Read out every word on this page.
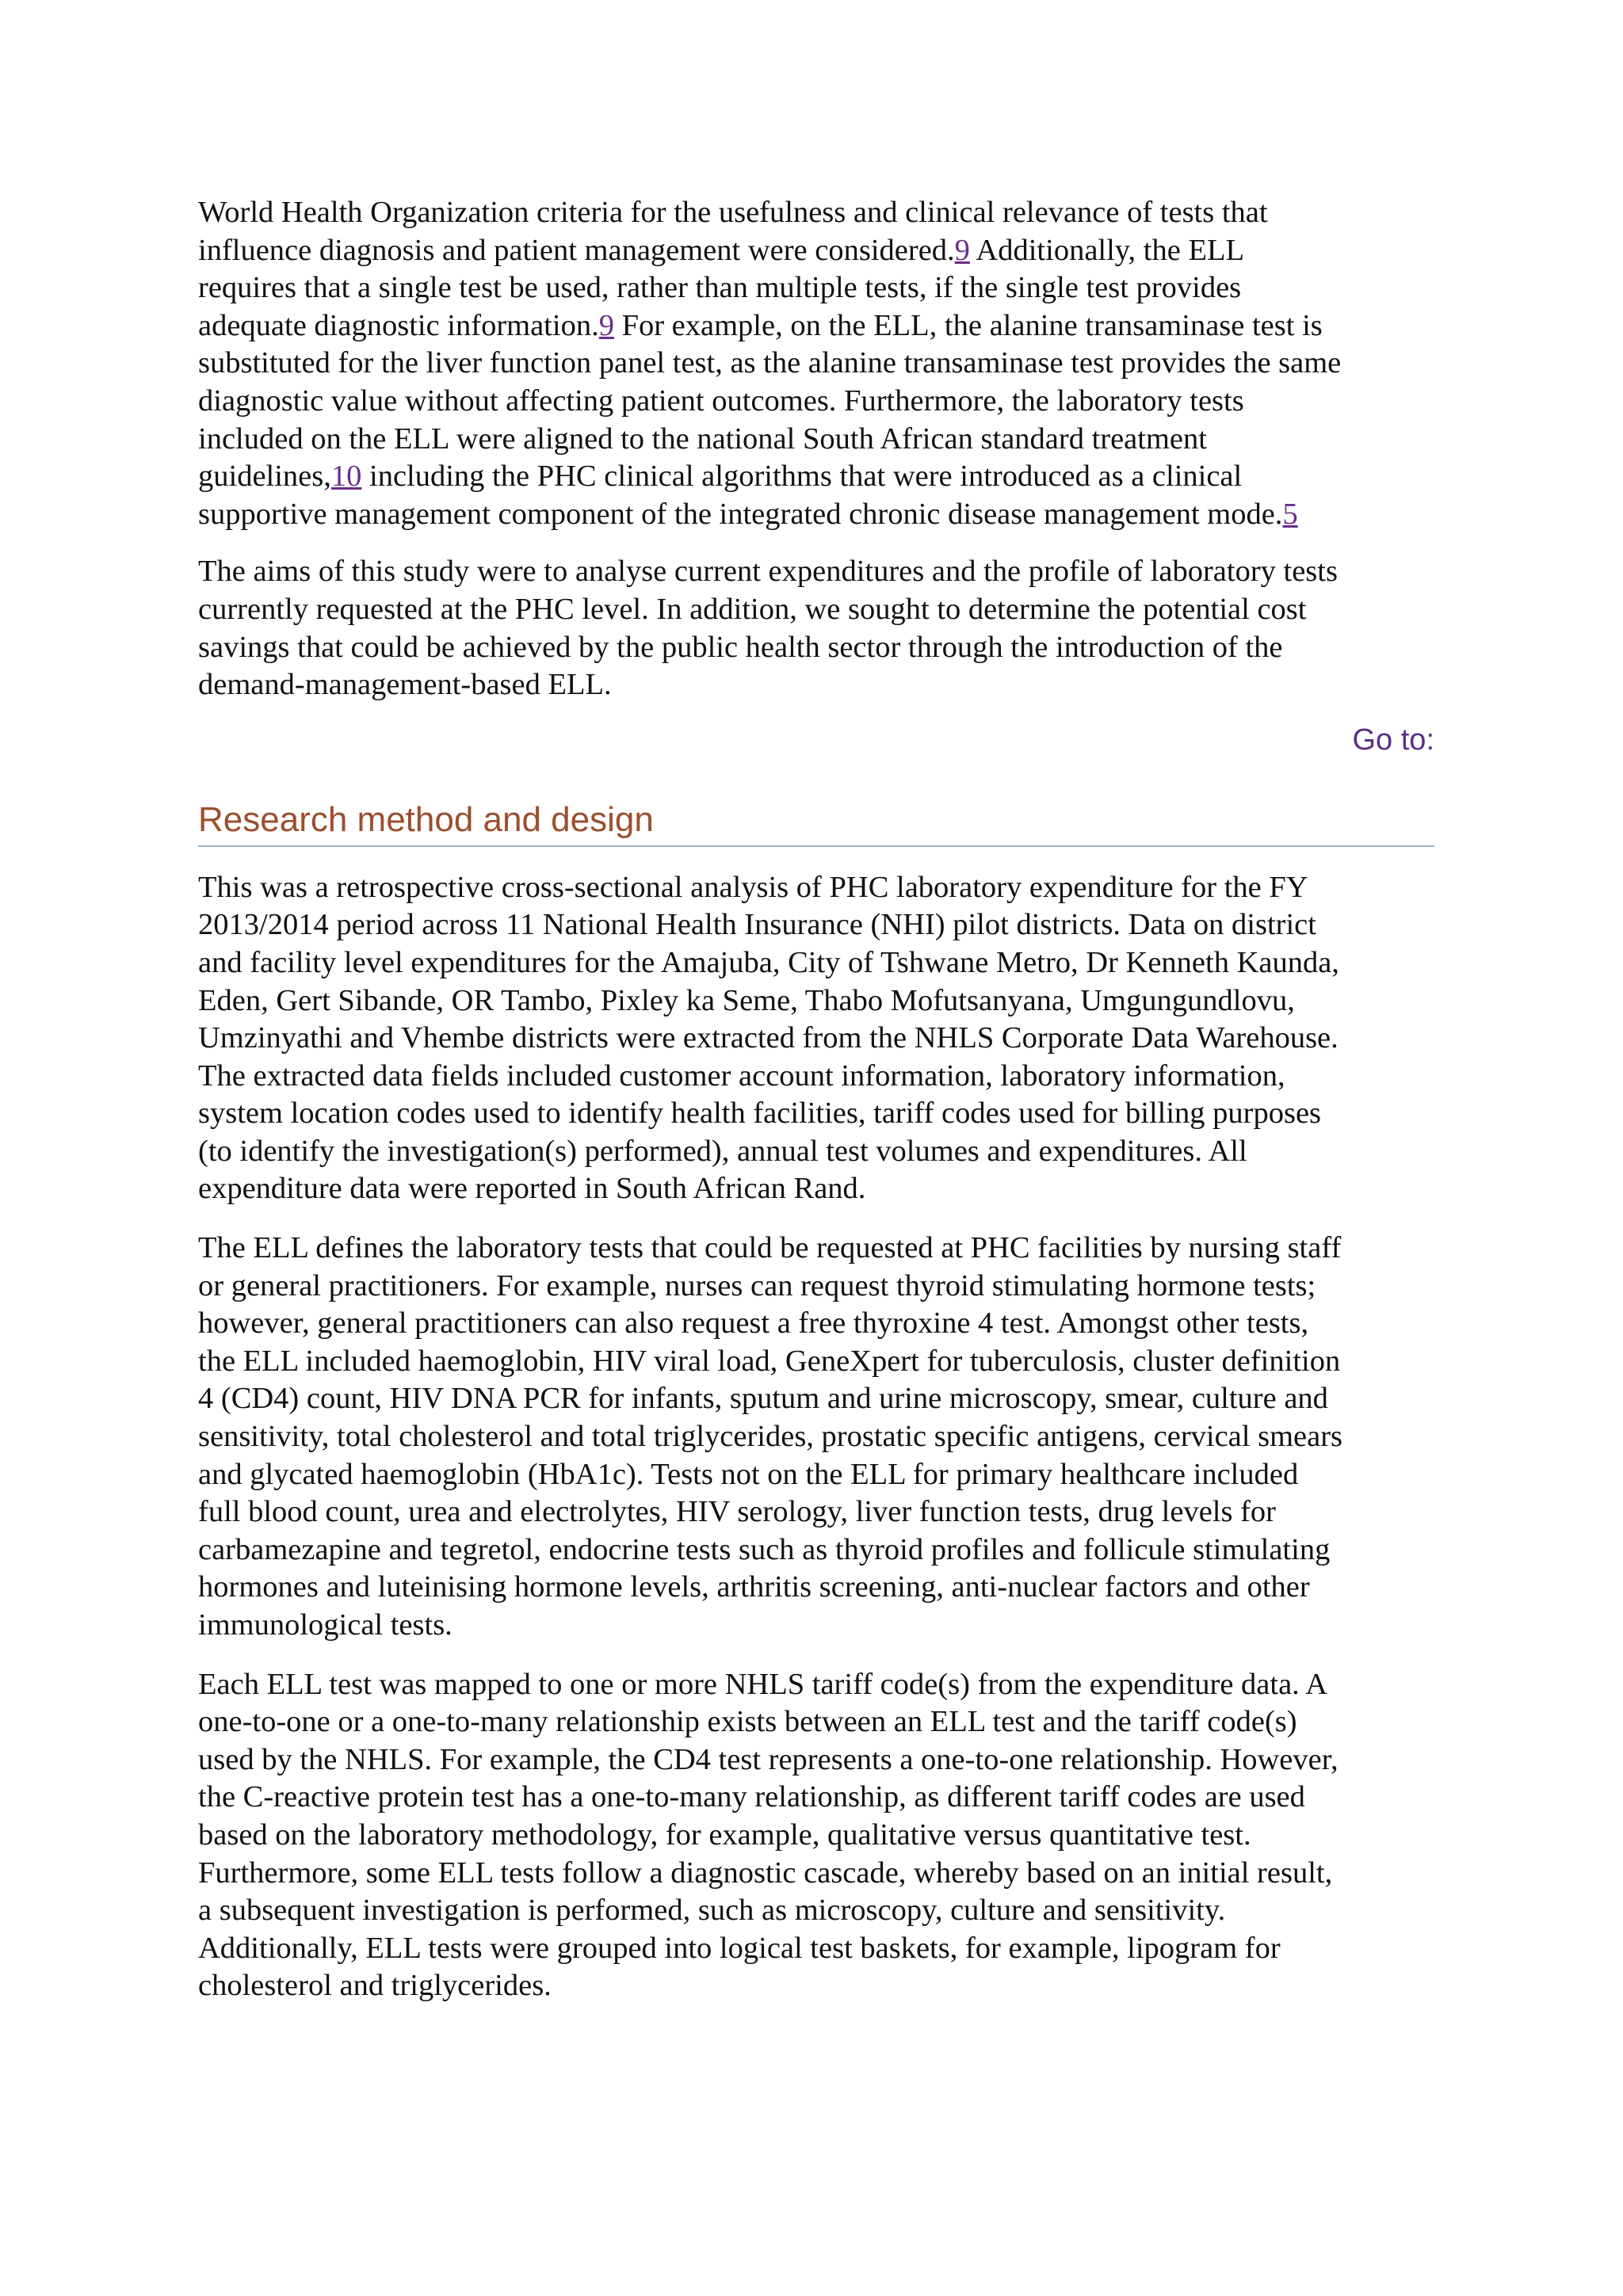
World Health Organization criteria for the usefulness and clinical relevance of tests that
influence diagnosis and patient management were considered.9 Additionally, the ELL
requires that a single test be used, rather than multiple tests, if the single test provides
adequate diagnostic information.9 For example, on the ELL, the alanine transaminase test is
substituted for the liver function panel test, as the alanine transaminase test provides the same
diagnostic value without affecting patient outcomes. Furthermore, the laboratory tests
included on the ELL were aligned to the national South African standard treatment
guidelines,10 including the PHC clinical algorithms that were introduced as a clinical
supportive management component of the integrated chronic disease management mode.5

The aims of this study were to analyse current expenditures and the profile of laboratory tests
currently requested at the PHC level. In addition, we sought to determine the potential cost
savings that could be achieved by the public health sector through the introduction of the
demand-management-based ELL.

Go to:
Research method and design

This was a retrospective cross-sectional analysis of PHC laboratory expenditure for the FY
2013/2014 period across 11 National Health Insurance (NHI) pilot districts. Data on district
and facility level expenditures for the Amajuba, City of Tshwane Metro, Dr Kenneth Kaunda,
Eden, Gert Sibande, OR Tambo, Pixley ka Seme, Thabo Mofutsanyana, Umgungundlovu,
Umzinyathi and Vhembe districts were extracted from the NHLS Corporate Data Warehouse.
The extracted data fields included customer account information, laboratory information,
system location codes used to identify health facilities, tariff codes used for billing purposes
(to identify the investigation(s) performed), annual test volumes and expenditures. All
expenditure data were reported in South African Rand.

The ELL defines the laboratory tests that could be requested at PHC facilities by nursing staff
or general practitioners. For example, nurses can request thyroid stimulating hormone tests;
however, general practitioners can also request a free thyroxine 4 test. Amongst other tests,
the ELL included haemoglobin, HIV viral load, GeneXpert for tuberculosis, cluster definition
4 (CD4) count, HIV DNA PCR for infants, sputum and urine microscopy, smear, culture and
sensitivity, total cholesterol and total triglycerides, prostatic specific antigens, cervical smears
and glycated haemoglobin (HbA1c). Tests not on the ELL for primary healthcare included
full blood count, urea and electrolytes, HIV serology, liver function tests, drug levels for
carbamezapine and tegretol, endocrine tests such as thyroid profiles and folliculе stimulating
hormones and luteinising hormone levels, arthritis screening, anti-nuclear factors and other
immunological tests.

Each ELL test was mapped to one or more NHLS tariff code(s) from the expenditure data. A
one-to-one or a one-to-many relationship exists between an ELL test and the tariff code(s)
used by the NHLS. For example, the CD4 test represents a one-to-one relationship. However,
the C-reactive protein test has a one-to-many relationship, as different tariff codes are used
based on the laboratory methodology, for example, qualitative versus quantitative test.
Furthermore, some ELL tests follow a diagnostic cascade, whereby based on an initial result,
a subsequent investigation is performed, such as microscopy, culture and sensitivity.
Additionally, ELL tests were grouped into logical test baskets, for example, lipogram for
cholesterol and triglycerides.
